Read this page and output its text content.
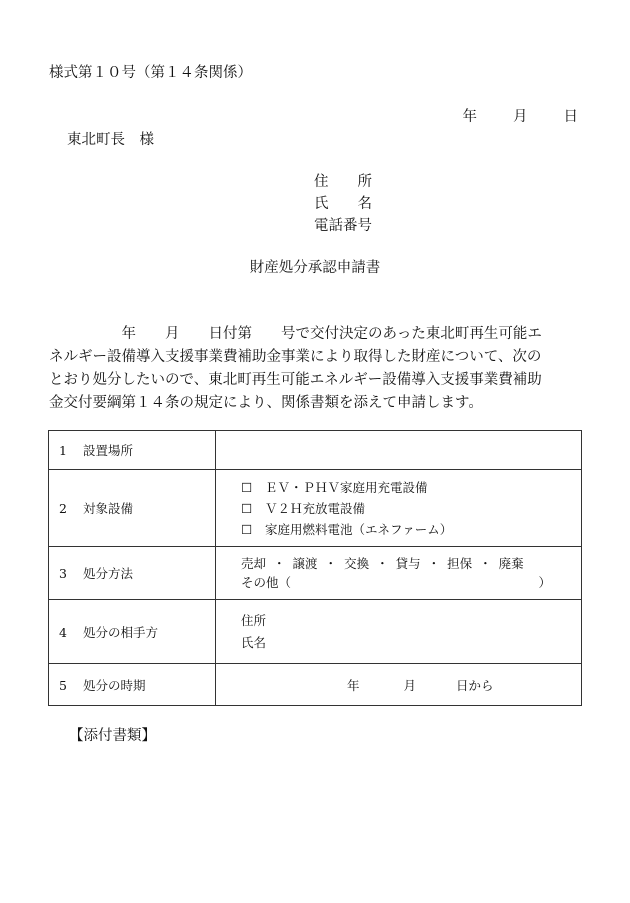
様式第１０号（第１４条関係）
年 月 日
東北町長　様
住　　所
氏　　名
電話番号
財産処分承認申請書
　　　　　年　　月　　日付第　　号で交付決定のあった東北町再生可能エ
ネルギー設備導入支援事業費補助金事業により取得した財産について、次の
とおり処分したいので、東北町再生可能エネルギー設備導入支援事業費補助
金交付要綱第１４条の規定により、関係書類を添えて申請します。
1 設置場所	
2 対象設備	☐ ＥＶ・ＰＨＶ家庭用充電設備
☐ Ｖ２Ｈ充放電設備
☐ 家庭用燃料電池（エネファーム）

3 処分方法	売却 ・ 譲渡 ・ 交換 ・ 貸与 ・ 担保 ・ 廃棄
その他（ ）

4 処分の相手方	住所
氏名

5 処分の時期	年 月 日から
【添付書類】
